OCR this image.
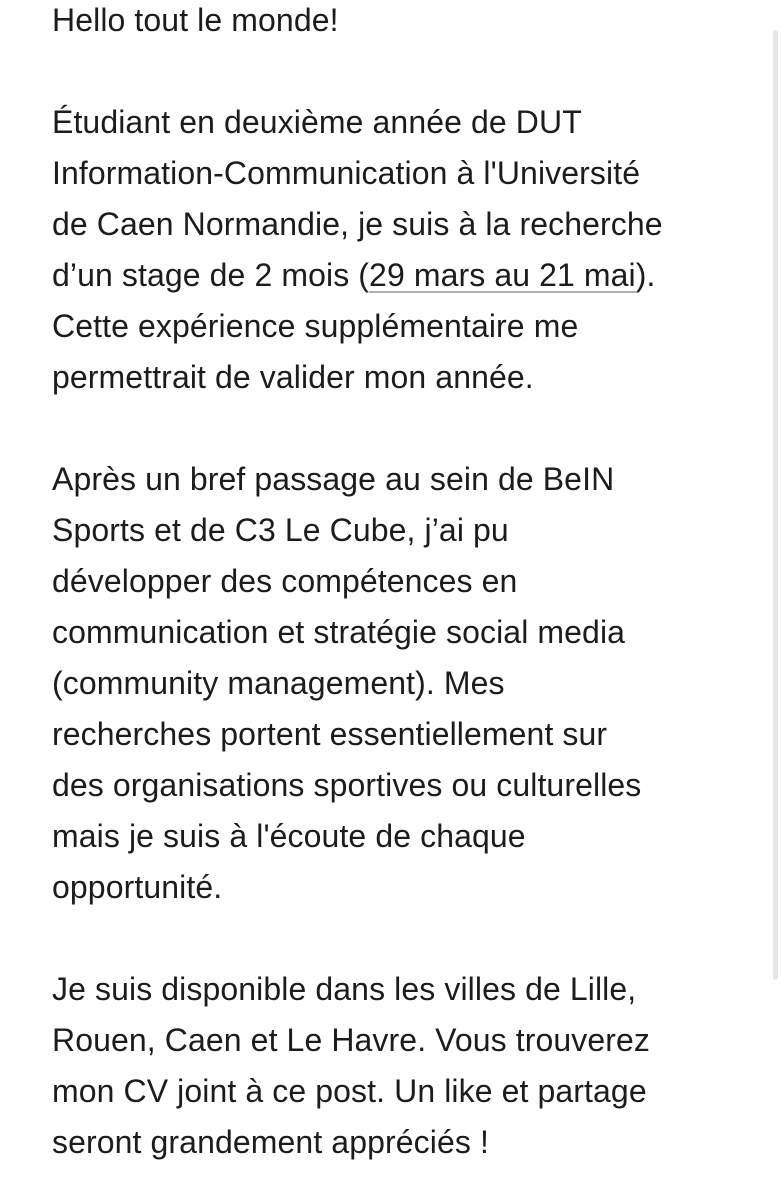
Hello tout le monde!
Étudiant en deuxième année de DUT
Information-Communication à l'Université
de Caen Normandie, je suis à la recherche
d’un stage de 2 mois (29 mars au 21 mai).
Cette expérience supplémentaire me
permettrait de valider mon année.
Après un bref passage au sein de BeIN
Sports et de C3 Le Cube, j’ai pu
développer des compétences en
communication et stratégie social media
(community management). Mes
recherches portent essentiellement sur
des organisations sportives ou culturelles
mais je suis à l'écoute de chaque
opportunité.
Je suis disponible dans les villes de Lille,
Rouen, Caen et Le Havre. Vous trouverez
mon CV joint à ce post. Un like et partage
seront grandement appréciés !
